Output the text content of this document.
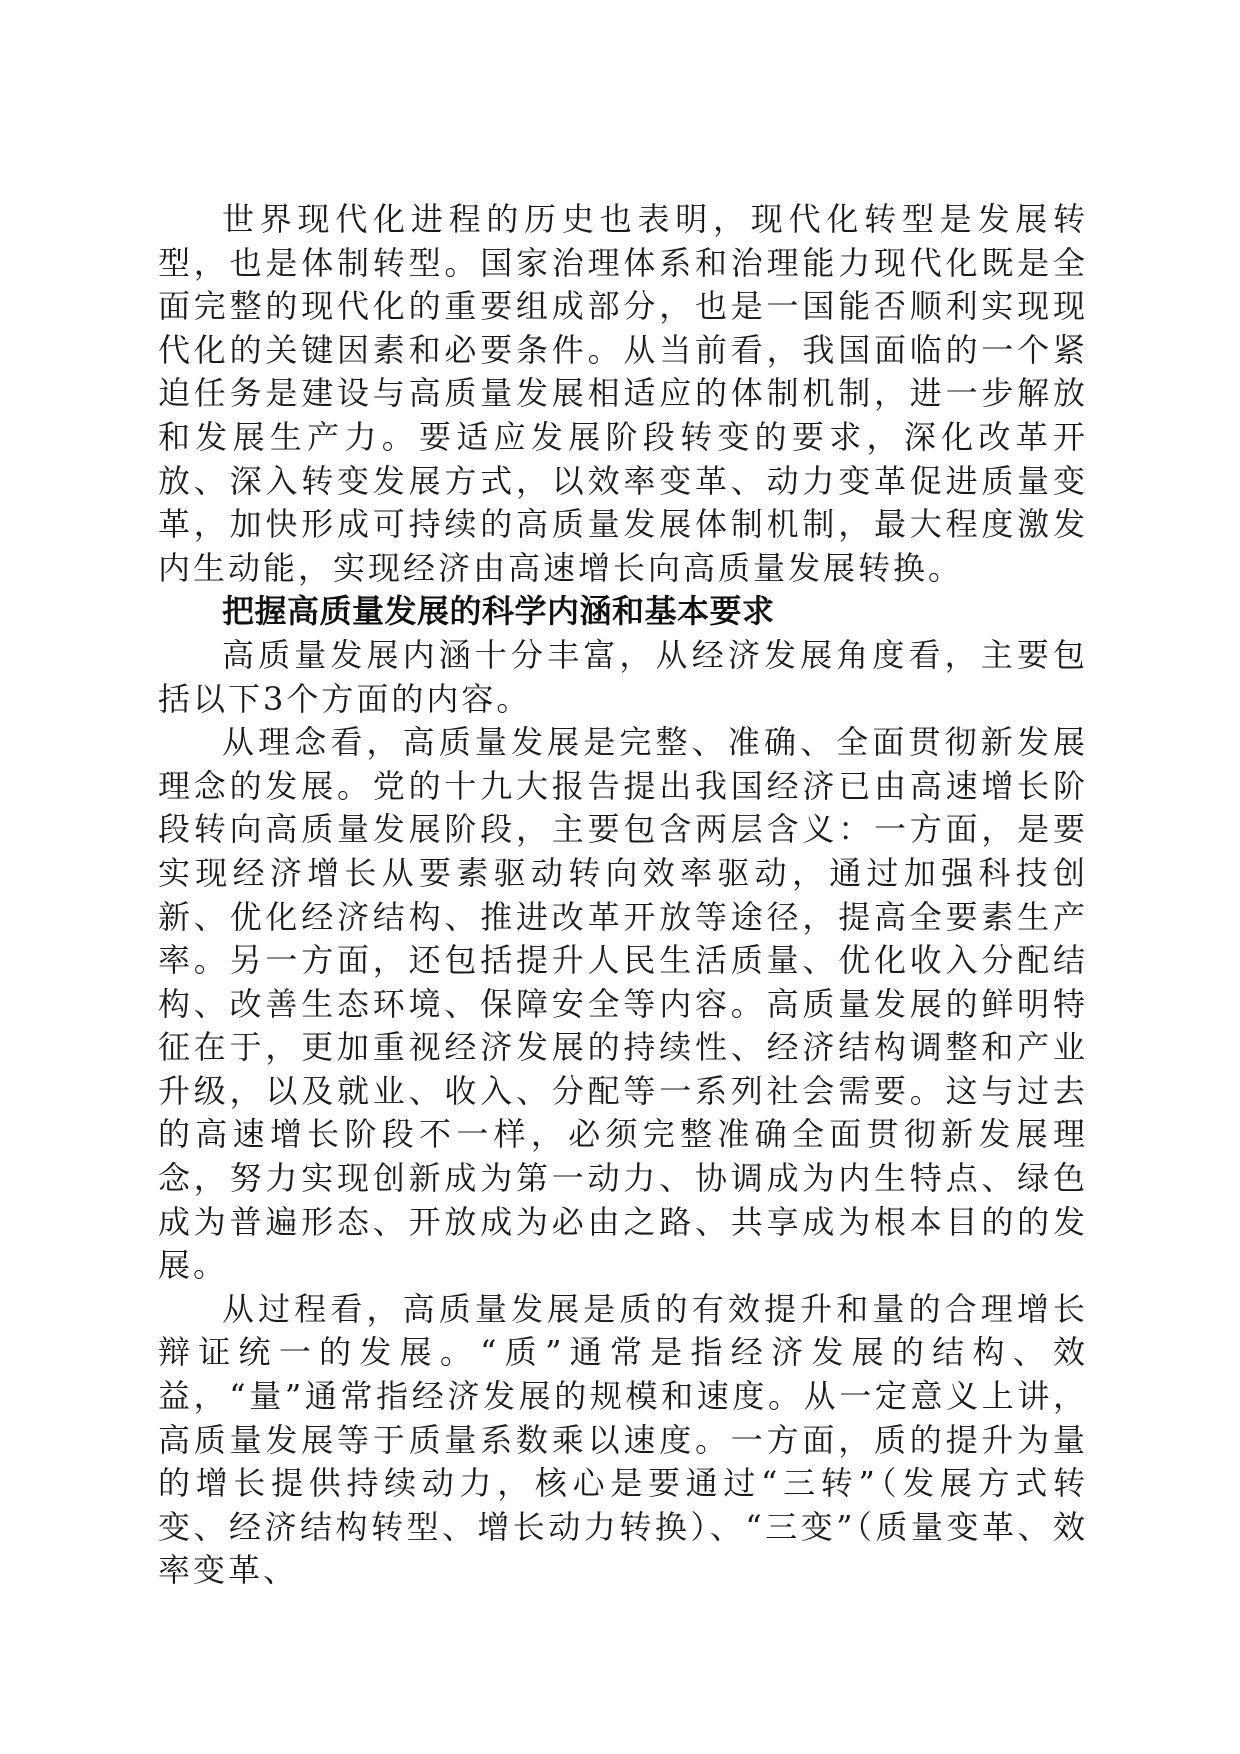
世界现代化进程的历史也表明，现代化转型是发展转型，也是体制转型。国家治理体系和治理能力现代化既是全面完整的现代化的重要组成部分，也是一国能否顺利实现现代化的关键因素和必要条件。从当前看，我国面临的一个紧迫任务是建设与高质量发展相适应的体制机制，进一步解放和发展生产力。要适应发展阶段转变的要求，深化改革开放、深入转变发展方式，以效率变革、动力变革促进质量变革，加快形成可持续的高质量发展体制机制，最大程度激发内生动能，实现经济由高速增长向高质量发展转换。

把握高质量发展的科学内涵和基本要求

高质量发展内涵十分丰富，从经济发展角度看，主要包括以下3个方面的内容。

从理念看，高质量发展是完整、准确、全面贯彻新发展理念的发展。党的十九大报告提出我国经济已由高速增长阶段转向高质量发展阶段，主要包含两层含义：一方面，是要实现经济增长从要素驱动转向效率驱动，通过加强科技创新、优化经济结构、推进改革开放等途径，提高全要素生产率。另一方面，还包括提升人民生活质量、优化收入分配结构、改善生态环境、保障安全等内容。高质量发展的鲜明特征在于，更加重视经济发展的持续性、经济结构调整和产业升级，以及就业、收入、分配等一系列社会需要。这与过去的高速增长阶段不一样，必须完整准确全面贯彻新发展理念，努力实现创新成为第一动力、协调成为内生特点、绿色成为普遍形态、开放成为必由之路、共享成为根本目的的发展。

从过程看，高质量发展是质的有效提升和量的合理增长辩证统一的发展。“质”通常是指经济发展的结构、效益，“量”通常指经济发展的规模和速度。从一定意义上讲，高质量发展等于质量系数乘以速度。一方面，质的提升为量的增长提供持续动力，核心是要通过“三转”（发展方式转变、经济结构转型、增长动力转换）、“三变”（质量变革、效率变革、
